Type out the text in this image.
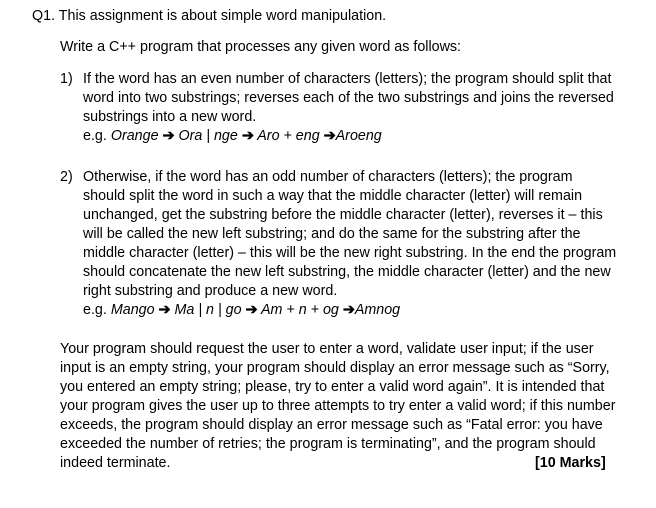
Q1. This assignment is about simple word manipulation.
Write a C++ program that processes any given word as follows:
1) If the word has an even number of characters (letters); the program should split that
word into two substrings; reverses each of the two substrings and joins the reversed
substrings into a new word.
e.g. Orange ➔ Ora | nge ➔ Aro + eng ➔Aroeng
2) Otherwise, if the word has an odd number of characters (letters); the program
should split the word in such a way that the middle character (letter) will remain
unchanged, get the substring before the middle character (letter), reverses it – this
will be called the new left substring; and do the same for the substring after the
middle character (letter) – this will be the new right substring. In the end the program
should concatenate the new left substring, the middle character (letter) and the new
right substring and produce a new word.
e.g. Mango ➔ Ma | n | go ➔ Am + n + og ➔Amnog
Your program should request the user to enter a word, validate user input; if the user
input is an empty string, your program should display an error message such as “Sorry,
you entered an empty string; please, try to enter a valid word again”. It is intended that
your program gives the user up to three attempts to try enter a valid word; if this number
exceeds, the program should display an error message such as “Fatal error: you have
exceeded the number of retries; the program is terminating”, and the program should
indeed terminate.	[10 Marks]
